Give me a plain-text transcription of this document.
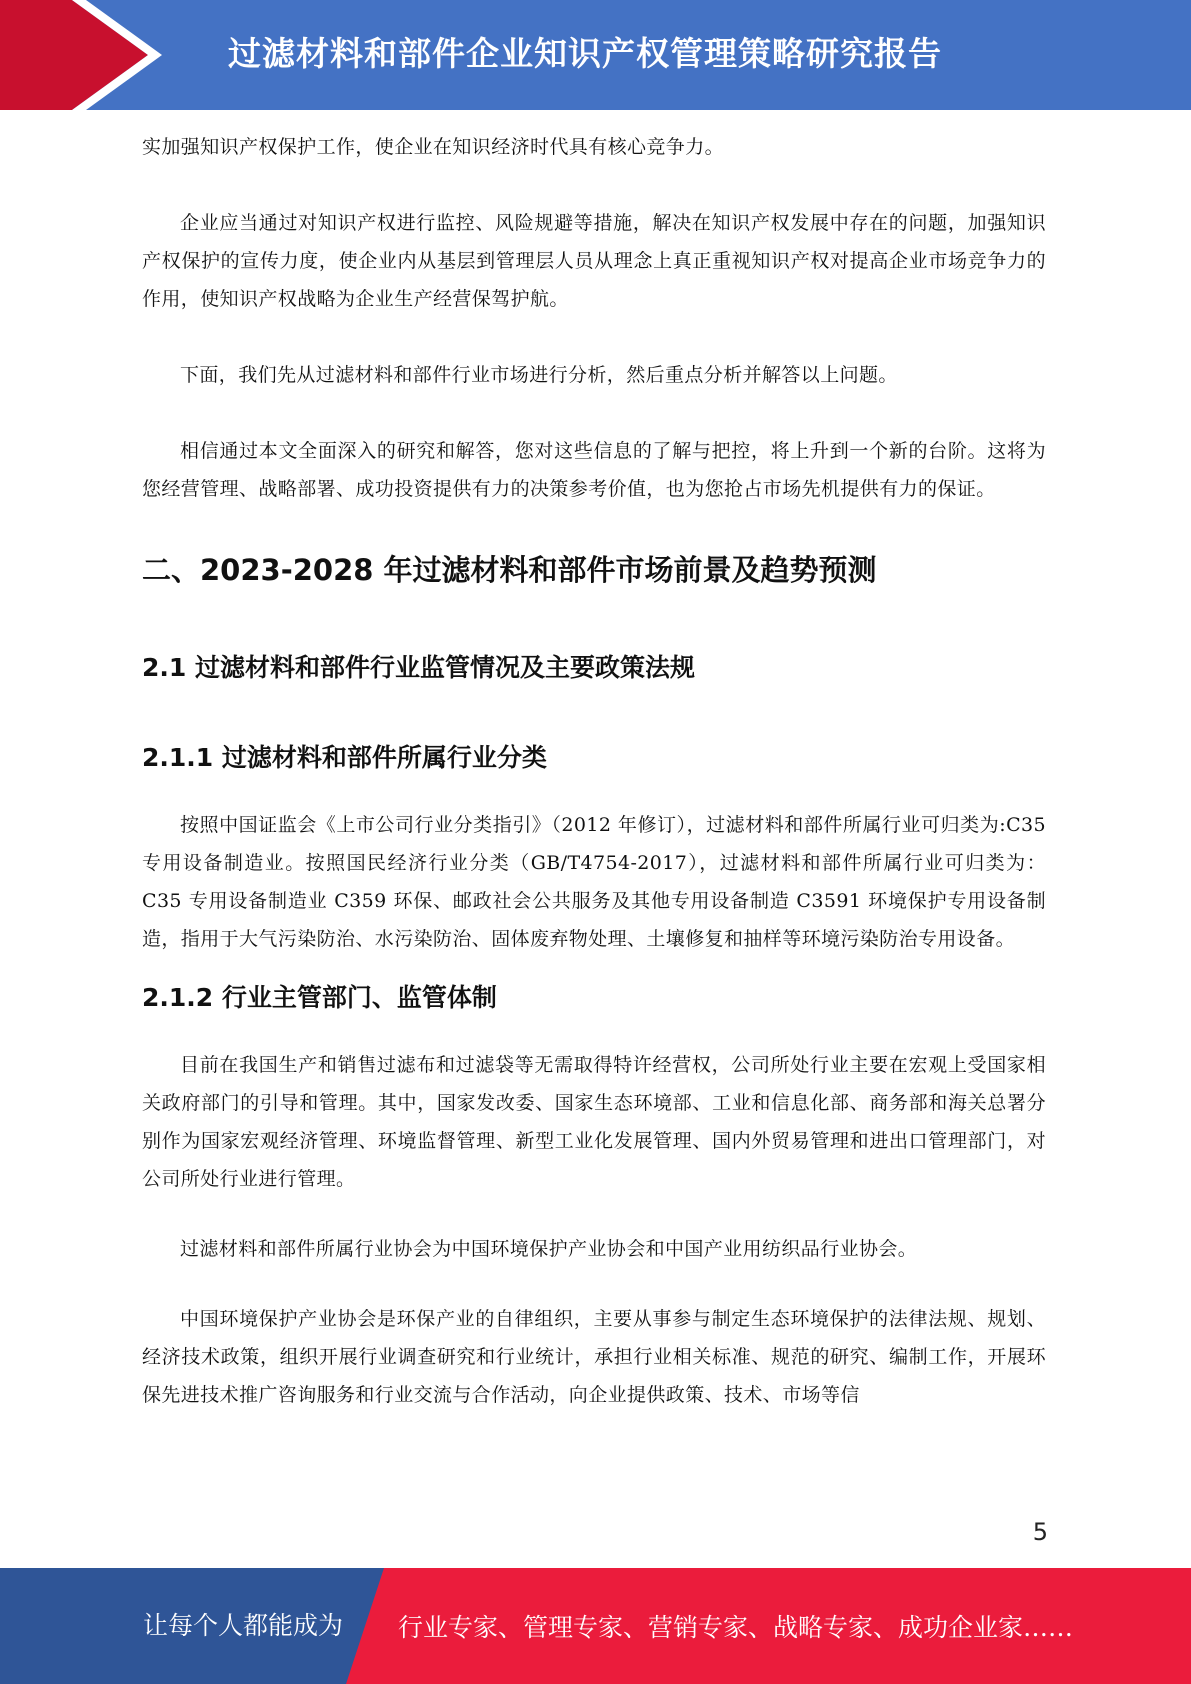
过滤材料和部件企业知识产权管理策略研究报告

实加强知识产权保护工作，使企业在知识经济时代具有核心竞争力。

企业应当通过对知识产权进行监控、风险规避等措施，解决在知识产权发展中存在的问题，加强知识产权保护的宣传力度，使企业内从基层到管理层人员从理念上真正重视知识产权对提高企业市场竞争力的作用，使知识产权战略为企业生产经营保驾护航。

下面，我们先从过滤材料和部件行业市场进行分析，然后重点分析并解答以上问题。

相信通过本文全面深入的研究和解答，您对这些信息的了解与把控，将上升到一个新的台阶。这将为您经营管理、战略部署、成功投资提供有力的决策参考价值，也为您抢占市场先机提供有力的保证。

二、2023-2028 年过滤材料和部件市场前景及趋势预测
2.1 过滤材料和部件行业监管情况及主要政策法规
2.1.1 过滤材料和部件所属行业分类

按照中国证监会《上市公司行业分类指引》（2012 年修订），过滤材料和部件所属行业可归类为:C35 专用设备制造业。按照国民经济行业分类（GB/T4754-2017），过滤材料和部件所属行业可归类为：C35 专用设备制造业 C359 环保、邮政社会公共服务及其他专用设备制造 C3591 环境保护专用设备制造，指用于大气污染防治、水污染防治、固体废弃物处理、土壤修复和抽样等环境污染防治专用设备。

2.1.2 行业主管部门、监管体制

目前在我国生产和销售过滤布和过滤袋等无需取得特许经营权，公司所处行业主要在宏观上受国家相关政府部门的引导和管理。其中，国家发改委、国家生态环境部、工业和信息化部、商务部和海关总署分别作为国家宏观经济管理、环境监督管理、新型工业化发展管理、国内外贸易管理和进出口管理部门，对公司所处行业进行管理。

过滤材料和部件所属行业协会为中国环境保护产业协会和中国产业用纺织品行业协会。

中国环境保护产业协会是环保产业的自律组织，主要从事参与制定生态环境保护的法律法规、规划、经济技术政策，组织开展行业调查研究和行业统计，承担行业相关标准、规范的研究、编制工作，开展环保先进技术推广咨询服务和行业交流与合作活动，向企业提供政策、技术、市场等信

5
让每个人都能成为 行业专家、管理专家、营销专家、战略专家、成功企业家……
